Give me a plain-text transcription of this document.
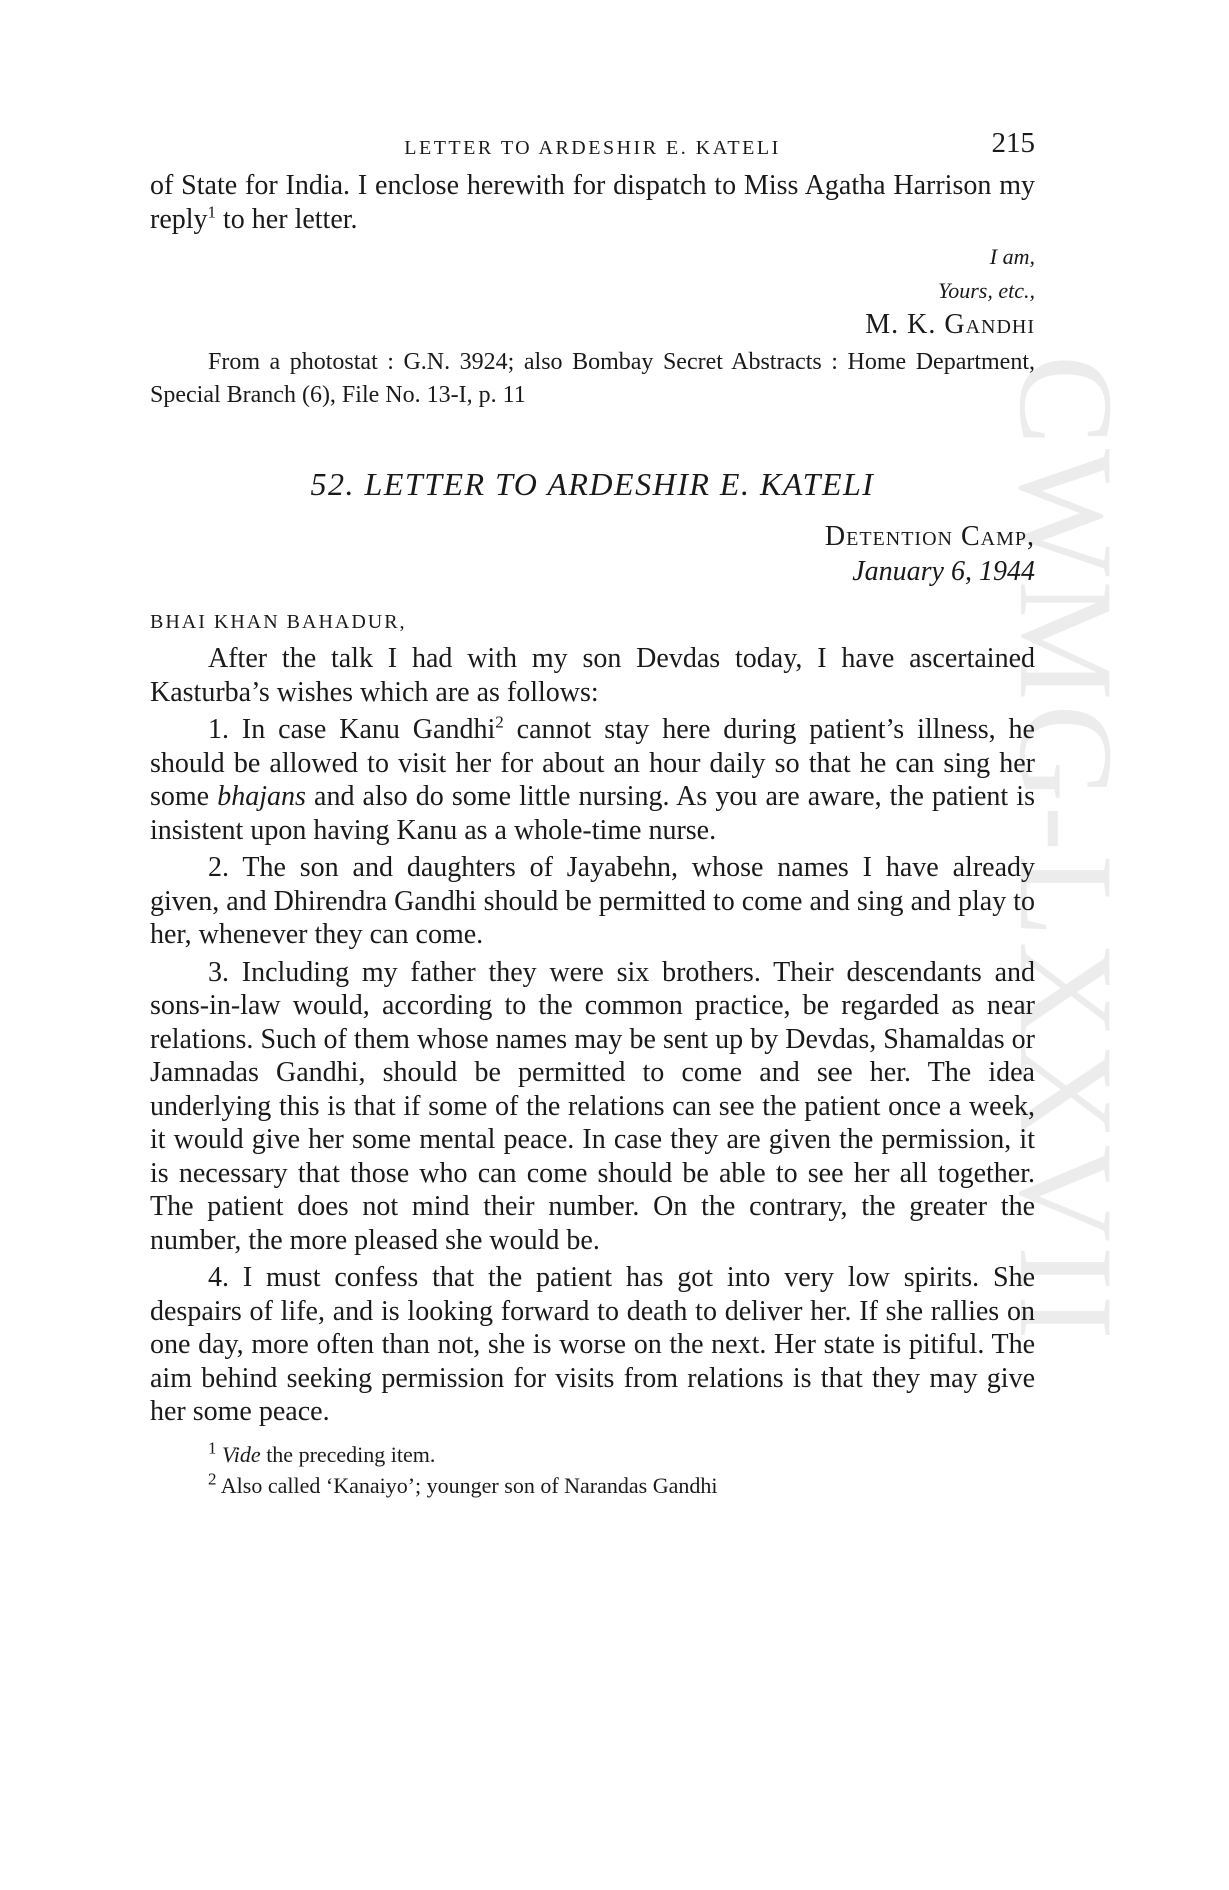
CWMG-LXXVII
LETTER TO ARDESHIR E. KATELI	215

of State for India. I enclose herewith for dispatch to Miss Agatha Harrison my reply$^1$ to her letter.

I am,
Yours, etc.,
M. K. Gandhi

From a photostat : G.N. 3924; also Bombay Secret Abstracts : Home Department, Special Branch (6), File No. 13-I, p. 11

52. LETTER TO ARDESHIR E. KATELI
Detention Camp,
January 6, 1944
BHAI KHAN BAHADUR,

After the talk I had with my son Devdas today, I have ascertained Kasturba’s wishes which are as follows:

1. In case Kanu Gandhi$^2$ cannot stay here during patient’s illness, he should be allowed to visit her for about an hour daily so that he can sing her some bhajans and also do some little nursing. As you are aware, the patient is insistent upon having Kanu as a whole-time nurse.

2. The son and daughters of Jayabehn, whose names I have already given, and Dhirendra Gandhi should be permitted to come and sing and play to her, whenever they can come.

3. Including my father they were six brothers. Their descendants and sons-in-law would, according to the common practice, be regarded as near relations. Such of them whose names may be sent up by Devdas, Shamaldas or Jamnadas Gandhi, should be permitted to come and see her. The idea underlying this is that if some of the relations can see the patient once a week, it would give her some mental peace. In case they are given the permission, it is necessary that those who can come should be able to see her all together. The patient does not mind their number. On the contrary, the greater the number, the more pleased she would be.

4. I must confess that the patient has got into very low spirits. She despairs of life, and is looking forward to death to deliver her. If she rallies on one day, more often than not, she is worse on the next. Her state is pitiful. The aim behind seeking permission for visits from relations is that they may give her some peace.

$^1$ Vide the preceding item.
$^2$ Also called ‘Kanaiyo’; younger son of Narandas Gandhi
